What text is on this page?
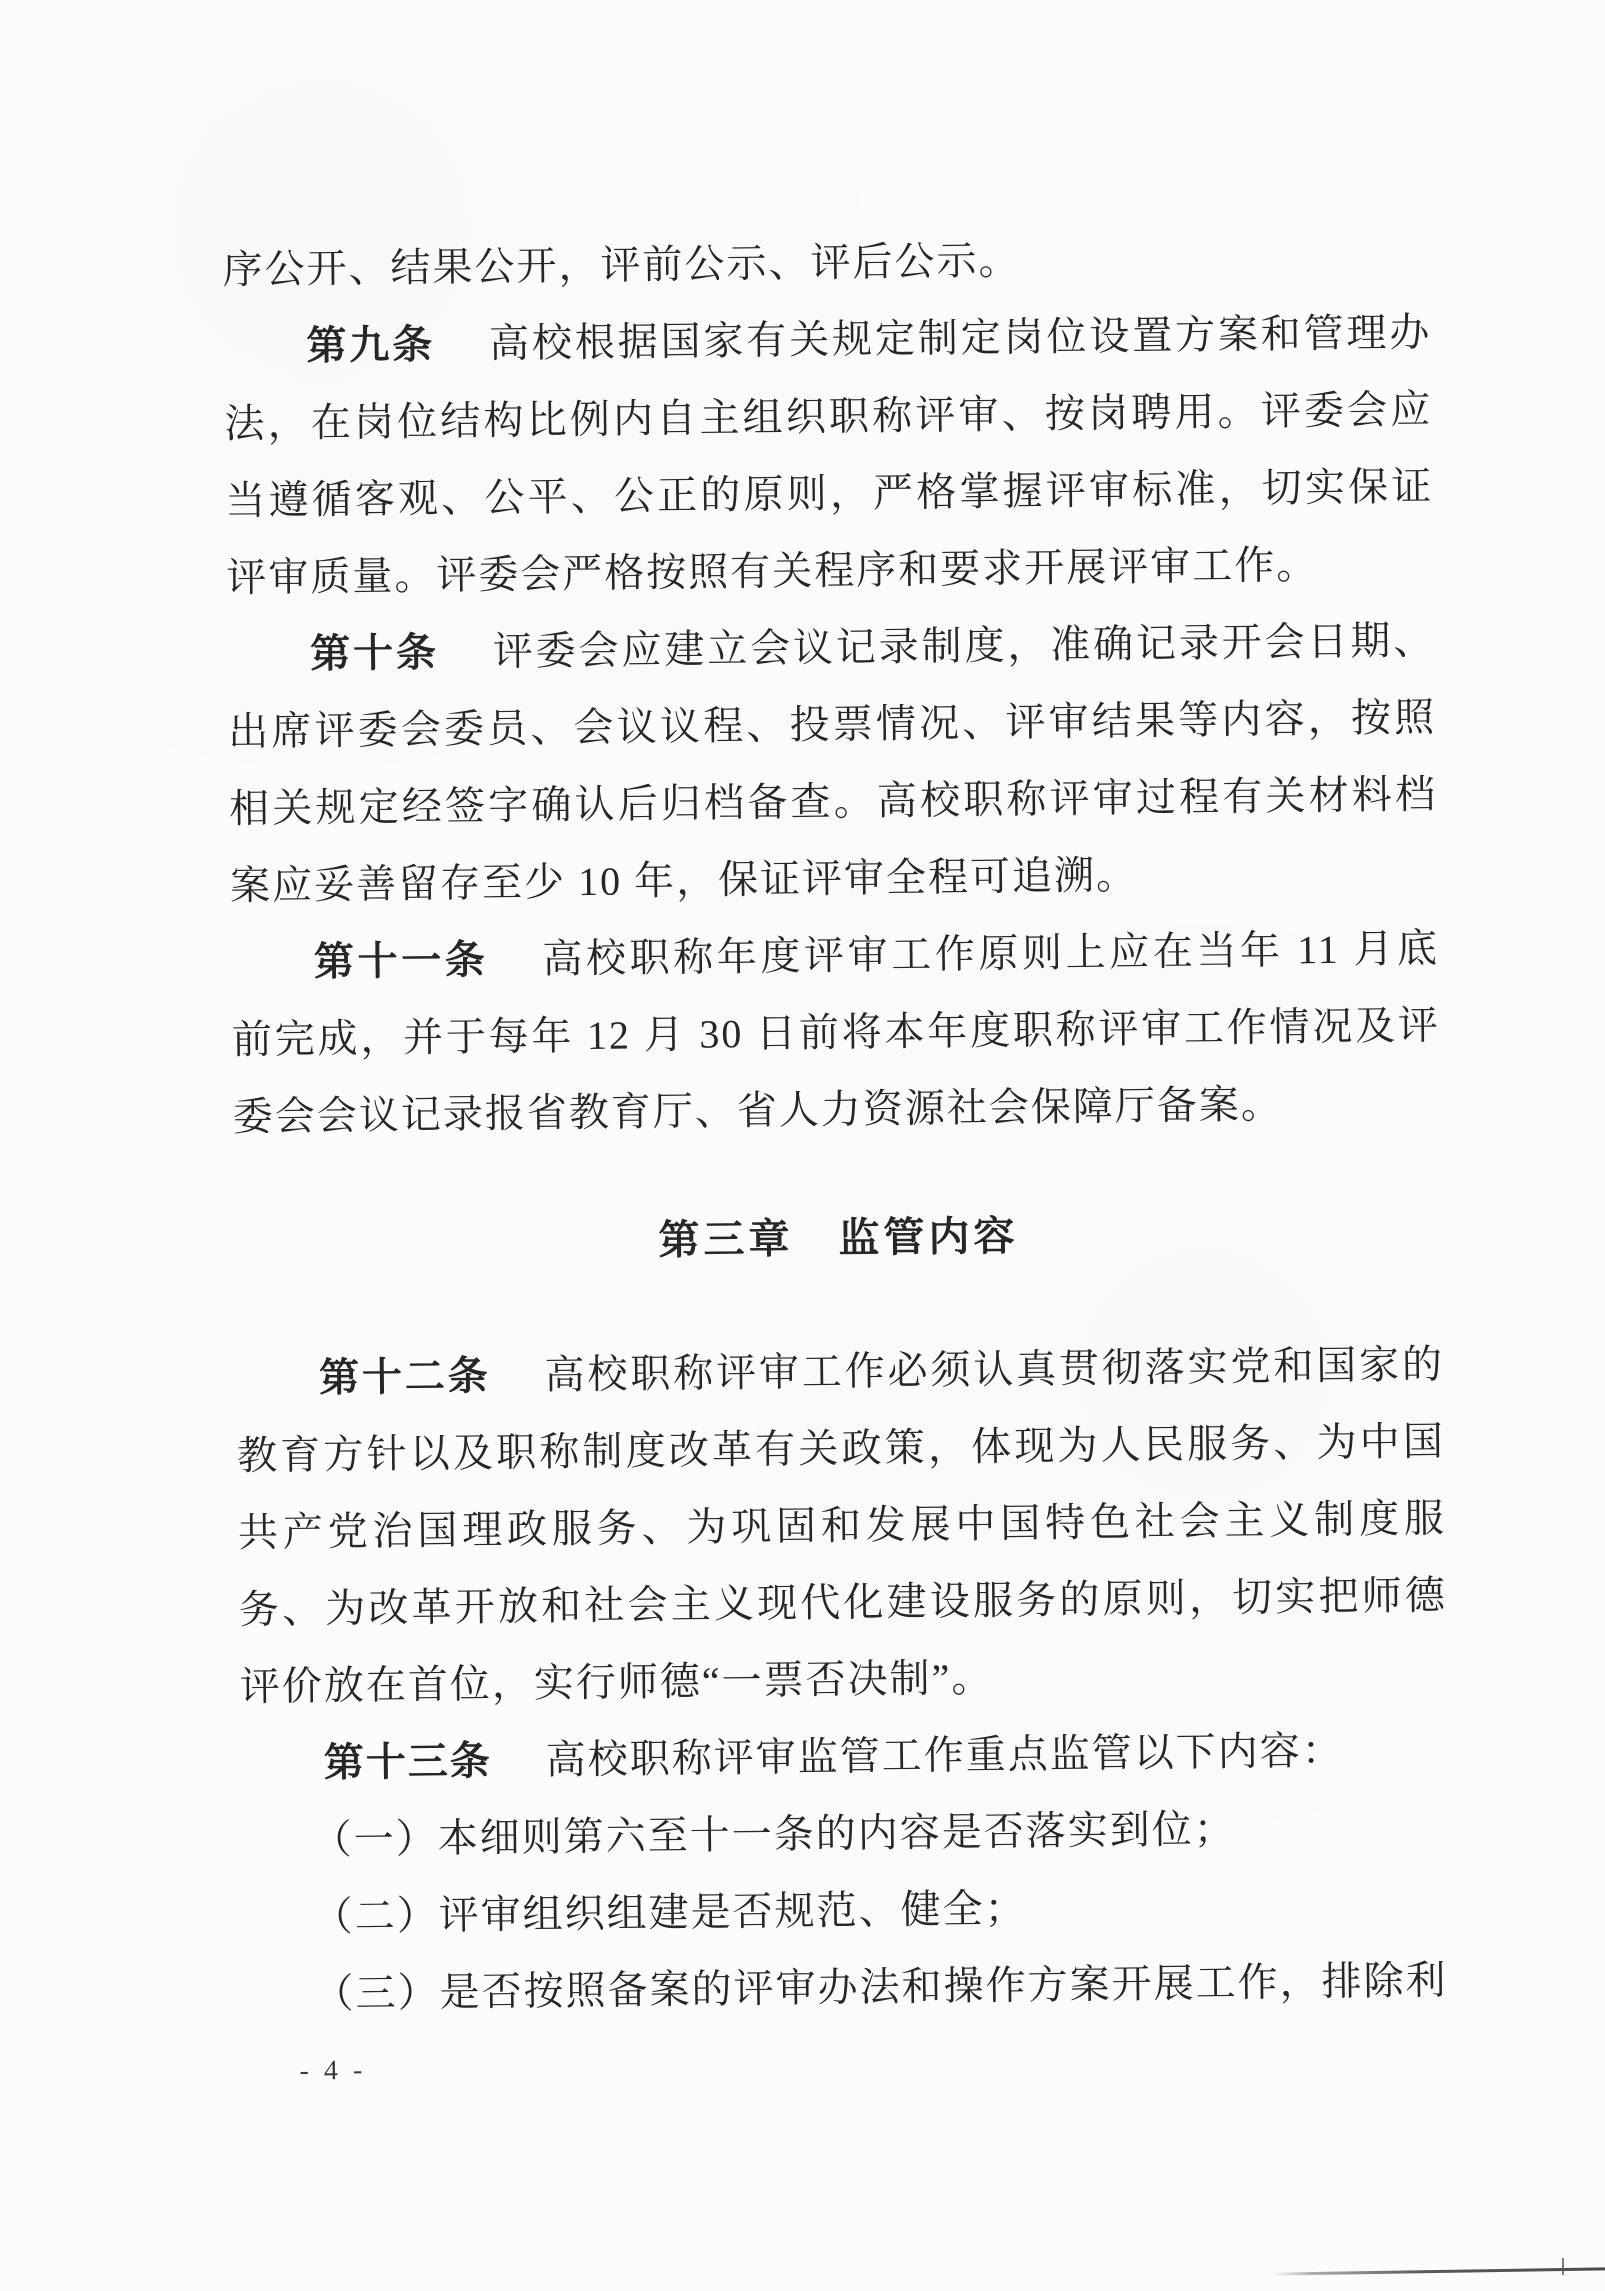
序公开、结果公开，评前公示、评后公示。

第九条 高校根据国家有关规定制定岗位设置方案和管理办法，在岗位结构比例内自主组织职称评审、按岗聘用。评委会应当遵循客观、公平、公正的原则，严格掌握评审标准，切实保证评审质量。评委会严格按照有关程序和要求开展评审工作。

第十条 评委会应建立会议记录制度，准确记录开会日期、出席评委会委员、会议议程、投票情况、评审结果等内容，按照相关规定经签字确认后归档备查。高校职称评审过程有关材料档案应妥善留存至少 10 年，保证评审全程可追溯。

第十一条 高校职称年度评审工作原则上应在当年 11 月底前完成，并于每年 12 月 30 日前将本年度职称评审工作情况及评委会会议记录报省教育厅、省人力资源社会保障厅备案。

第三章　监管内容

第十二条 高校职称评审工作必须认真贯彻落实党和国家的教育方针以及职称制度改革有关政策，体现为人民服务、为中国共产党治国理政服务、为巩固和发展中国特色社会主义制度服务、为改革开放和社会主义现代化建设服务的原则，切实把师德评价放在首位，实行师德“一票否决制”。

第十三条 高校职称评审监管工作重点监管以下内容：

（一）本细则第六至十一条的内容是否落实到位；

（二）评审组织组建是否规范、健全；

（三）是否按照备案的评审办法和操作方案开展工作，排除利

- 4 -
